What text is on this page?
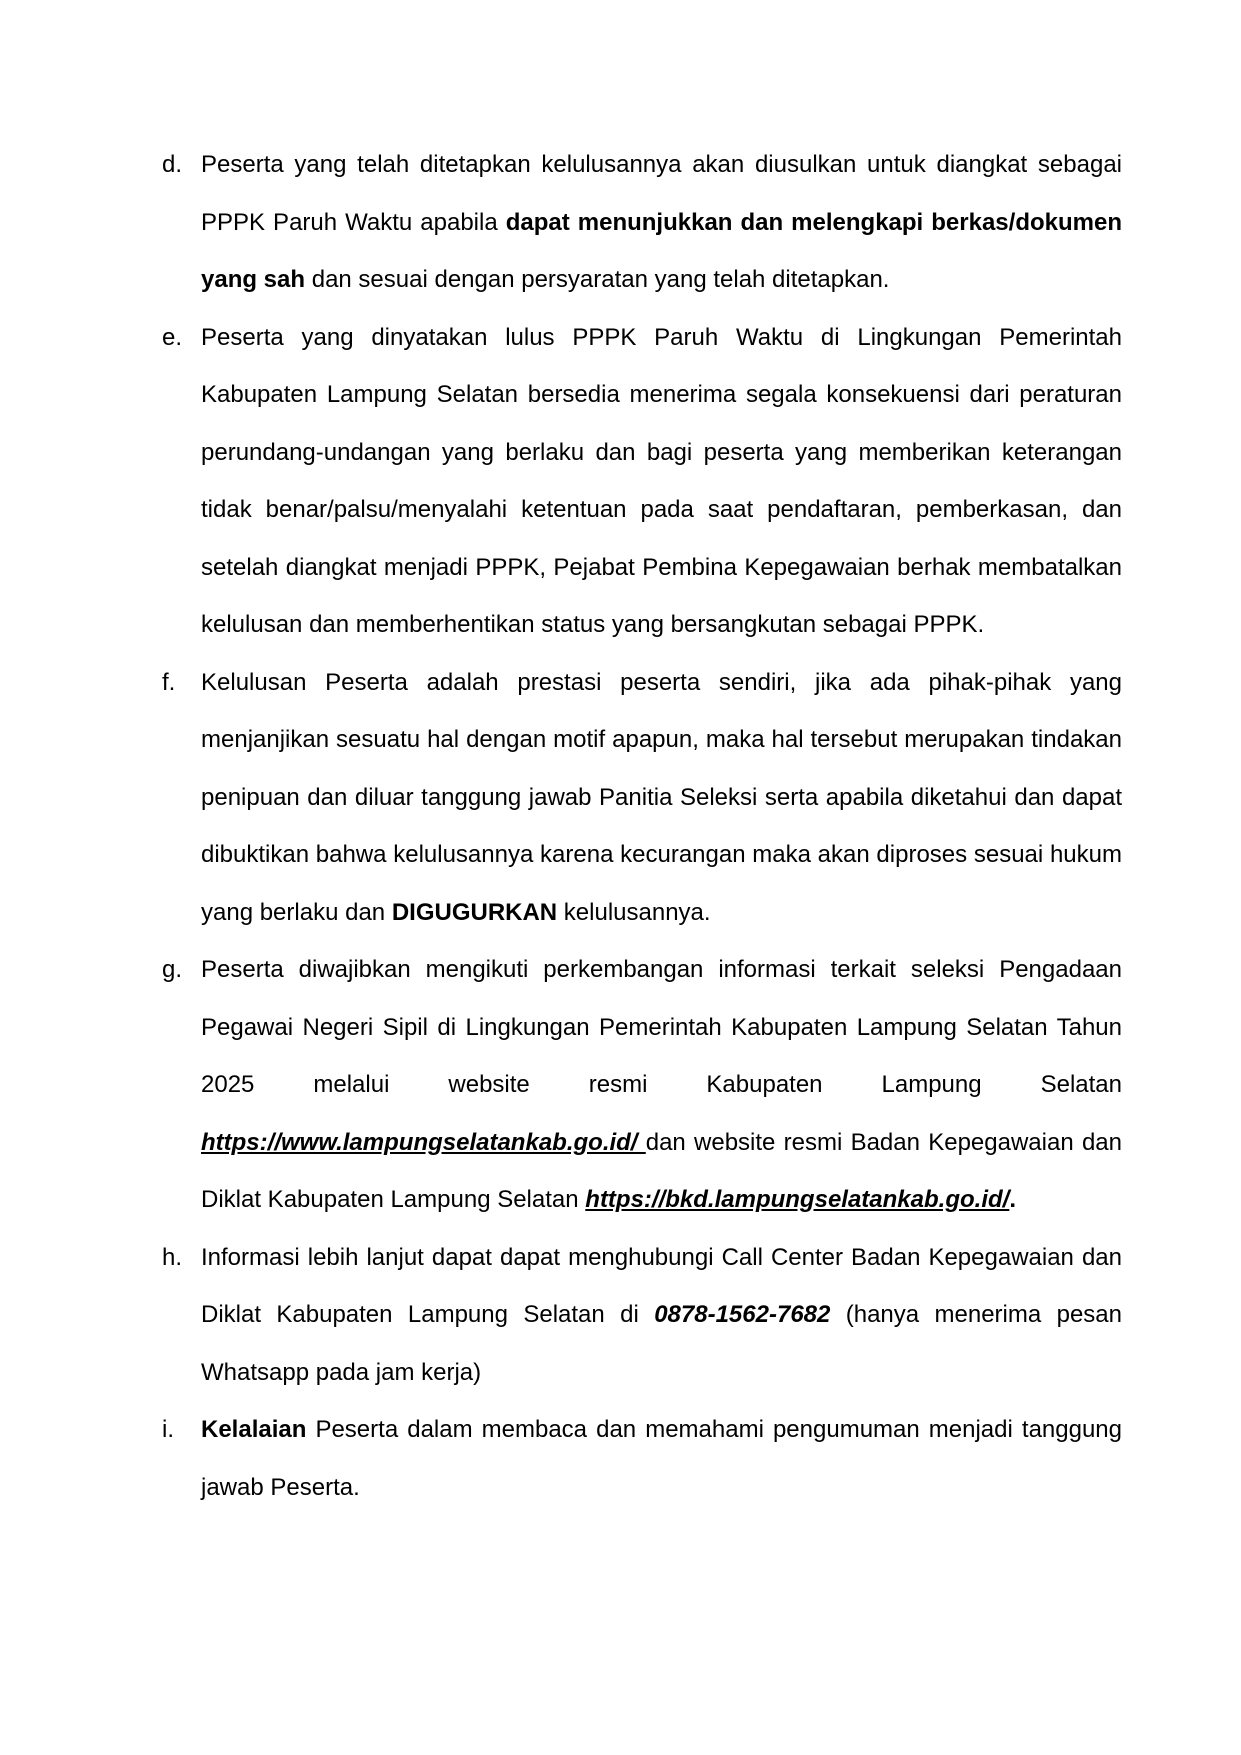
d. Peserta yang telah ditetapkan kelulusannya akan diusulkan untuk diangkat sebagai PPPK Paruh Waktu apabila dapat menunjukkan dan melengkapi berkas/dokumen yang sah dan sesuai dengan persyaratan yang telah ditetapkan.
e. Peserta yang dinyatakan lulus PPPK Paruh Waktu di Lingkungan Pemerintah Kabupaten Lampung Selatan bersedia menerima segala konsekuensi dari peraturan perundang-undangan yang berlaku dan bagi peserta yang memberikan keterangan tidak benar/palsu/menyalahi ketentuan pada saat pendaftaran, pemberkasan, dan setelah diangkat menjadi PPPK, Pejabat Pembina Kepegawaian berhak membatalkan kelulusan dan memberhentikan status yang bersangkutan sebagai PPPK.
f. Kelulusan Peserta adalah prestasi peserta sendiri, jika ada pihak-pihak yang menjanjikan sesuatu hal dengan motif apapun, maka hal tersebut merupakan tindakan penipuan dan diluar tanggung jawab Panitia Seleksi serta apabila diketahui dan dapat dibuktikan bahwa kelulusannya karena kecurangan maka akan diproses sesuai hukum yang berlaku dan DIGUGURKAN kelulusannya.
g. Peserta diwajibkan mengikuti perkembangan informasi terkait seleksi Pengadaan Pegawai Negeri Sipil di Lingkungan Pemerintah Kabupaten Lampung Selatan Tahun 2025 melalui website resmi Kabupaten Lampung Selatan https://www.lampungselatankab.go.id/ dan website resmi Badan Kepegawaian dan Diklat Kabupaten Lampung Selatan https://bkd.lampungselatankab.go.id/.
h. Informasi lebih lanjut dapat dapat menghubungi Call Center Badan Kepegawaian dan Diklat Kabupaten Lampung Selatan di 0878-1562-7682 (hanya menerima pesan Whatsapp pada jam kerja)
i. Kelalaian Peserta dalam membaca dan memahami pengumuman menjadi tanggung jawab Peserta.
